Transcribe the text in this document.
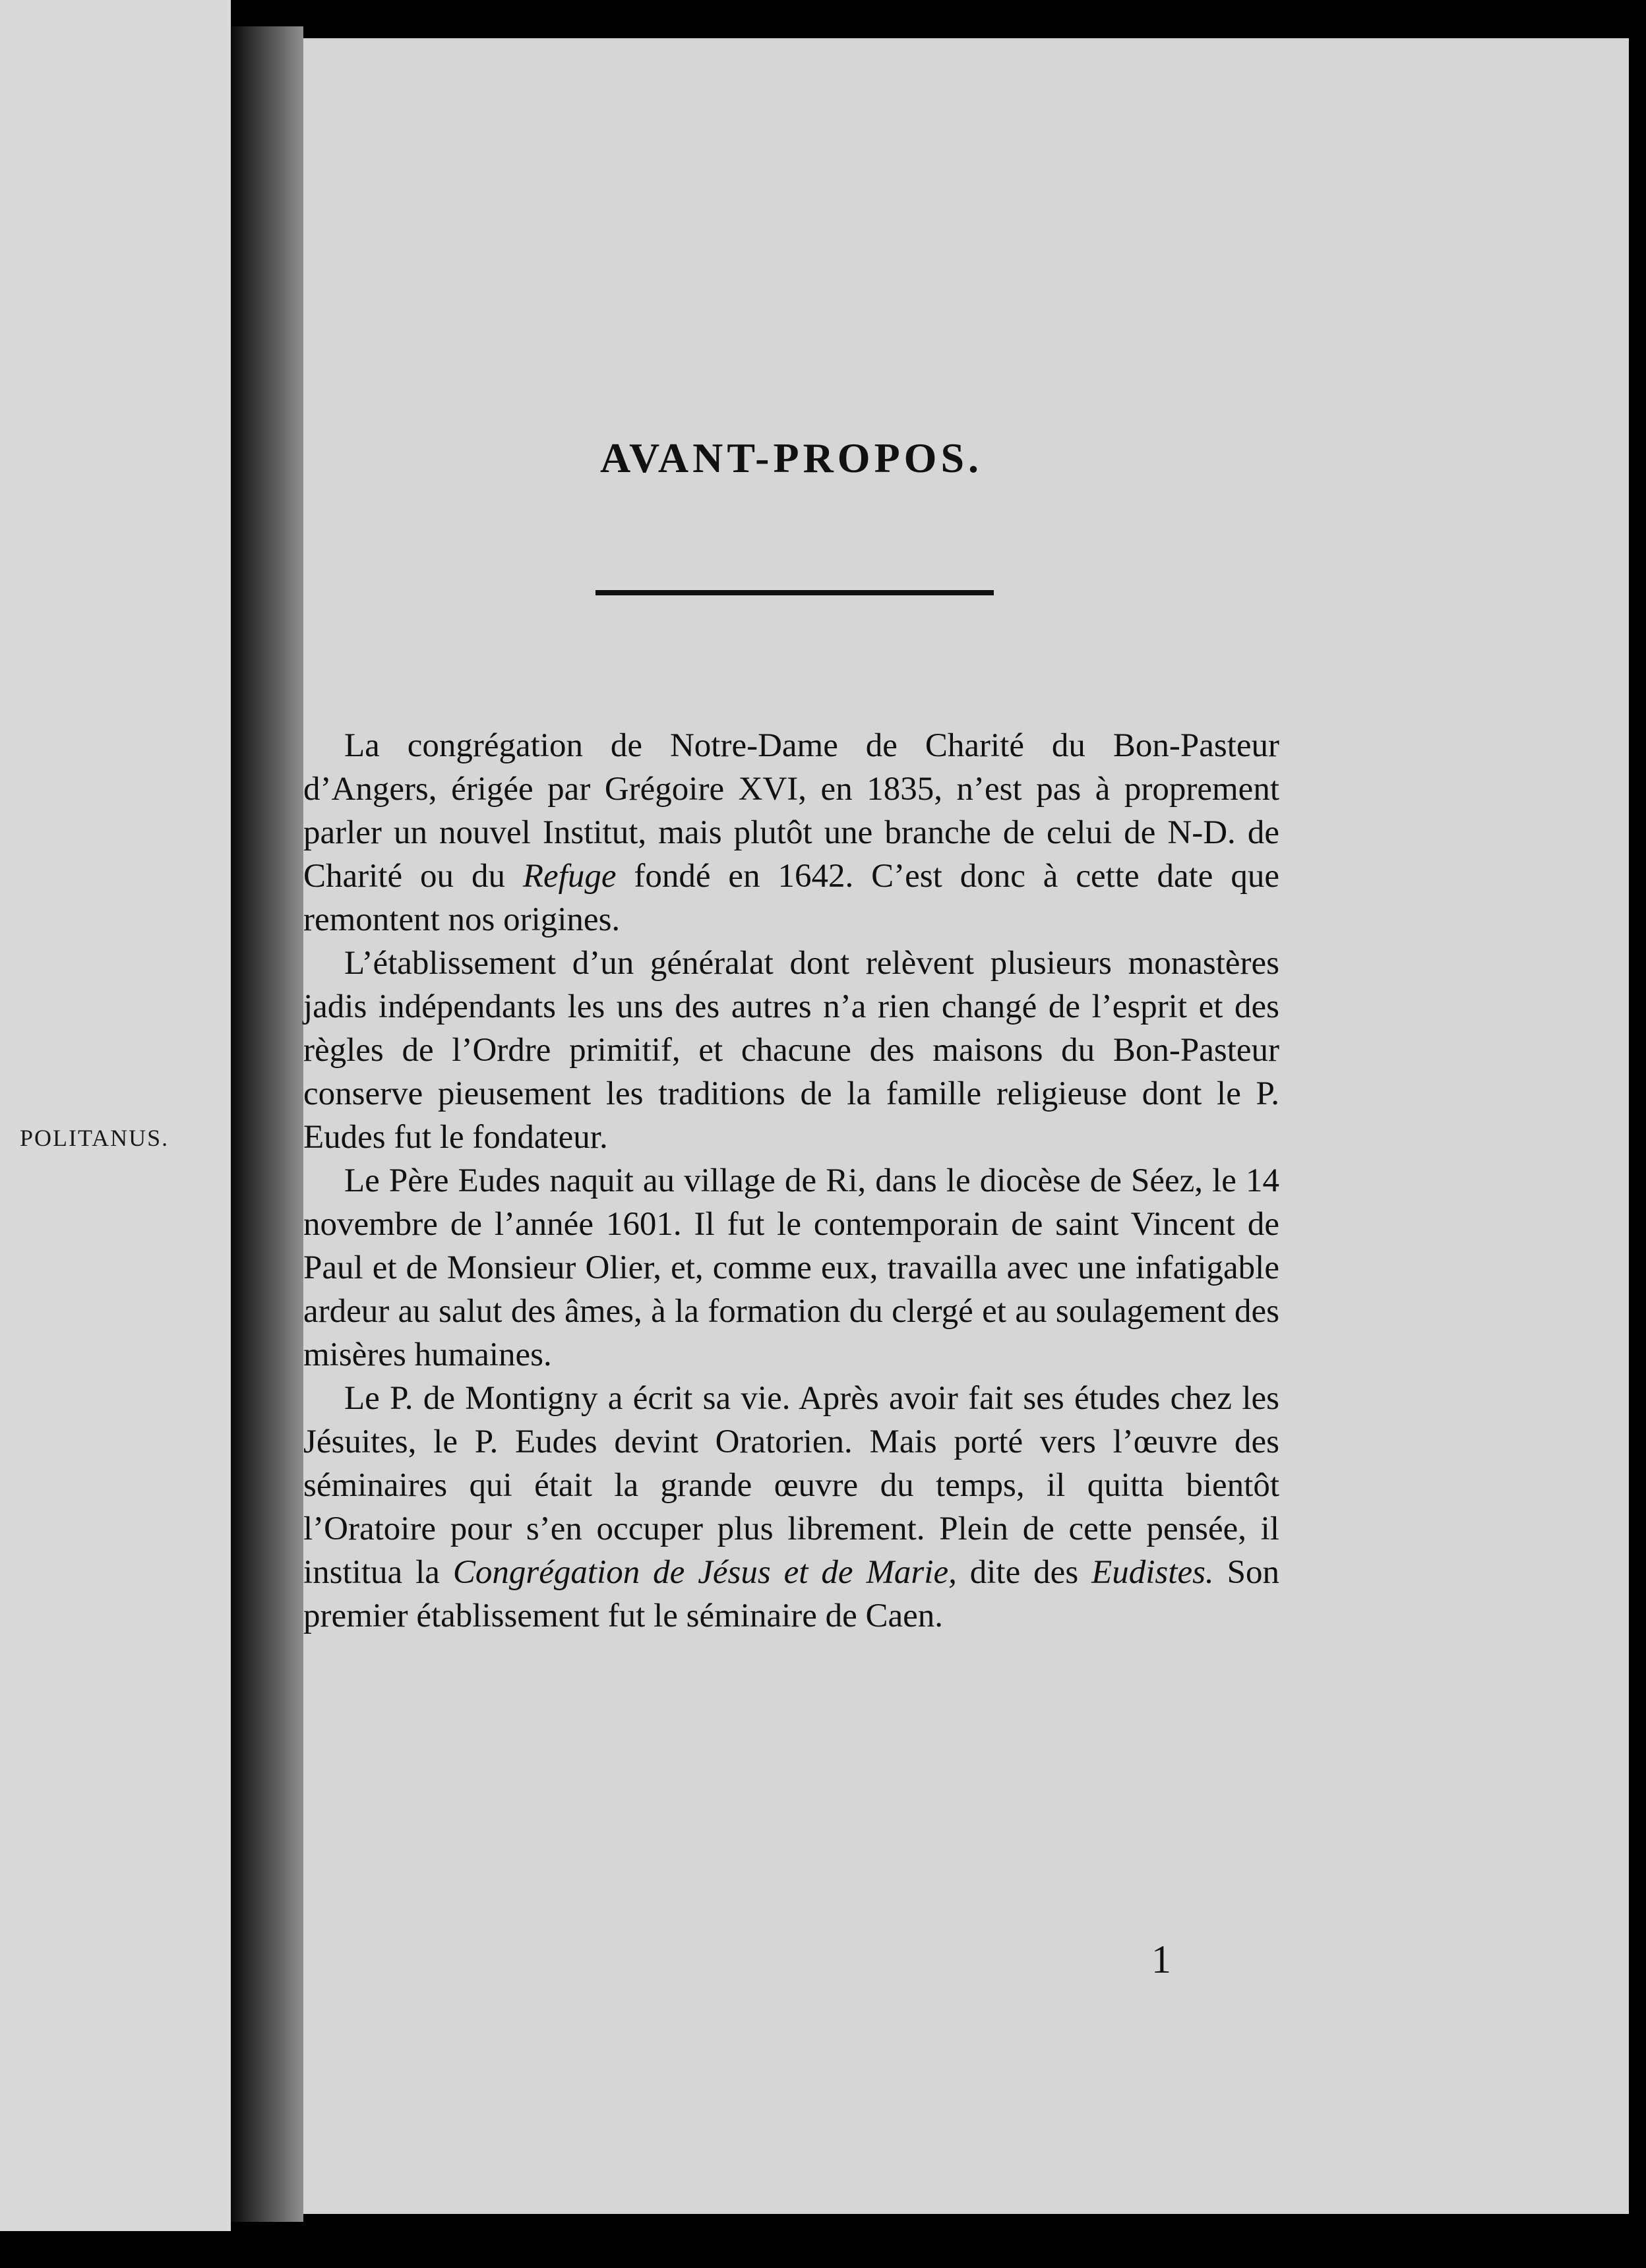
POLITANUS.
AVANT-PROPOS.

La congrégation de Notre-Dame de Charité du Bon-Pasteur d’Angers, érigée par Grégoire XVI, en 1835, n’est pas à proprement parler un nouvel Institut, mais plutôt une branche de celui de N-D. de Charité ou du Refuge fondé en 1642. C’est donc à cette date que remontent nos origines.

L’établissement d’un généralat dont relèvent plusieurs monastères jadis indépendants les uns des autres n’a rien changé de l’esprit et des règles de l’Ordre primitif, et chacune des maisons du Bon-Pasteur conserve pieusement les traditions de la famille religieuse dont le P. Eudes fut le fondateur.

Le Père Eudes naquit au village de Ri, dans le diocèse de Séez, le 14 novembre de l’année 1601. Il fut le contemporain de saint Vincent de Paul et de Monsieur Olier, et, comme eux, travailla avec une infatigable ardeur au salut des âmes, à la formation du clergé et au soulagement des misères humaines.

Le P. de Montigny a écrit sa vie. Après avoir fait ses études chez les Jésuites, le P. Eudes devint Oratorien. Mais porté vers l’œuvre des séminaires qui était la grande œuvre du temps, il quitta bientôt l’Oratoire pour s’en occuper plus librement. Plein de cette pensée, il institua la Congrégation de Jésus et de Marie, dite des Eudistes. Son premier établissement fut le séminaire de Caen.

1
